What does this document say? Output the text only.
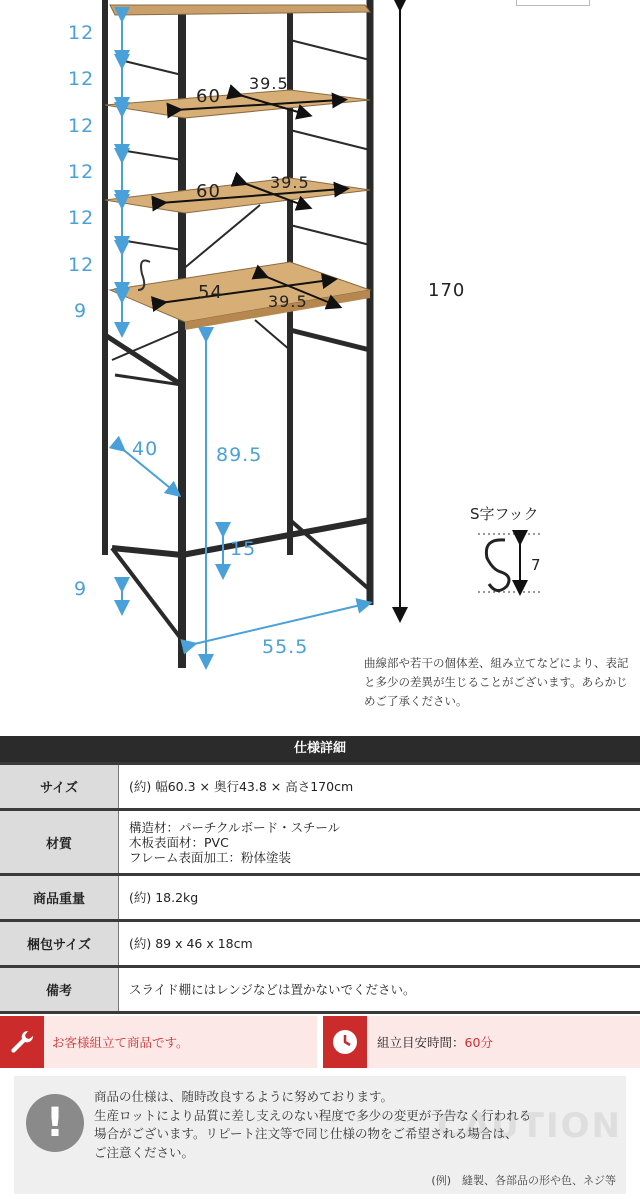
12
12
12
12
12
12
9
9
60
39.5
60	39.5
54	39.5
40	89.5
15
55.5
170
S字フック
7
曲線部や若干の個体差、組み立てなどにより、表記と多少の差異が生じることがございます。あらかじめご了承ください。
仕様詳細
サイズ	(約) 幅60.3 × 奥行43.8 × 高さ170cm
材質
構造材：パーチクルボード・スチール
木板表面材：PVC
フレーム表面加工：粉体塗装
商品重量	(約) 18.2kg
梱包サイズ	(約) 89 x 46 x 18cm
備考	スライド棚にはレンジなどは置かないでください。
お客様組立て商品です。	組立目安時間：60分
CAUTION
!
商品の仕様は、随時改良するように努めております。
生産ロットにより品質に差し支えのない程度で多少の変更が予告なく行われる
場合がございます。リピート注文等で同じ仕様の物をご希望される場合は、
ご注意ください。
(例)　縫製、各部品の形や色、ネジ等
